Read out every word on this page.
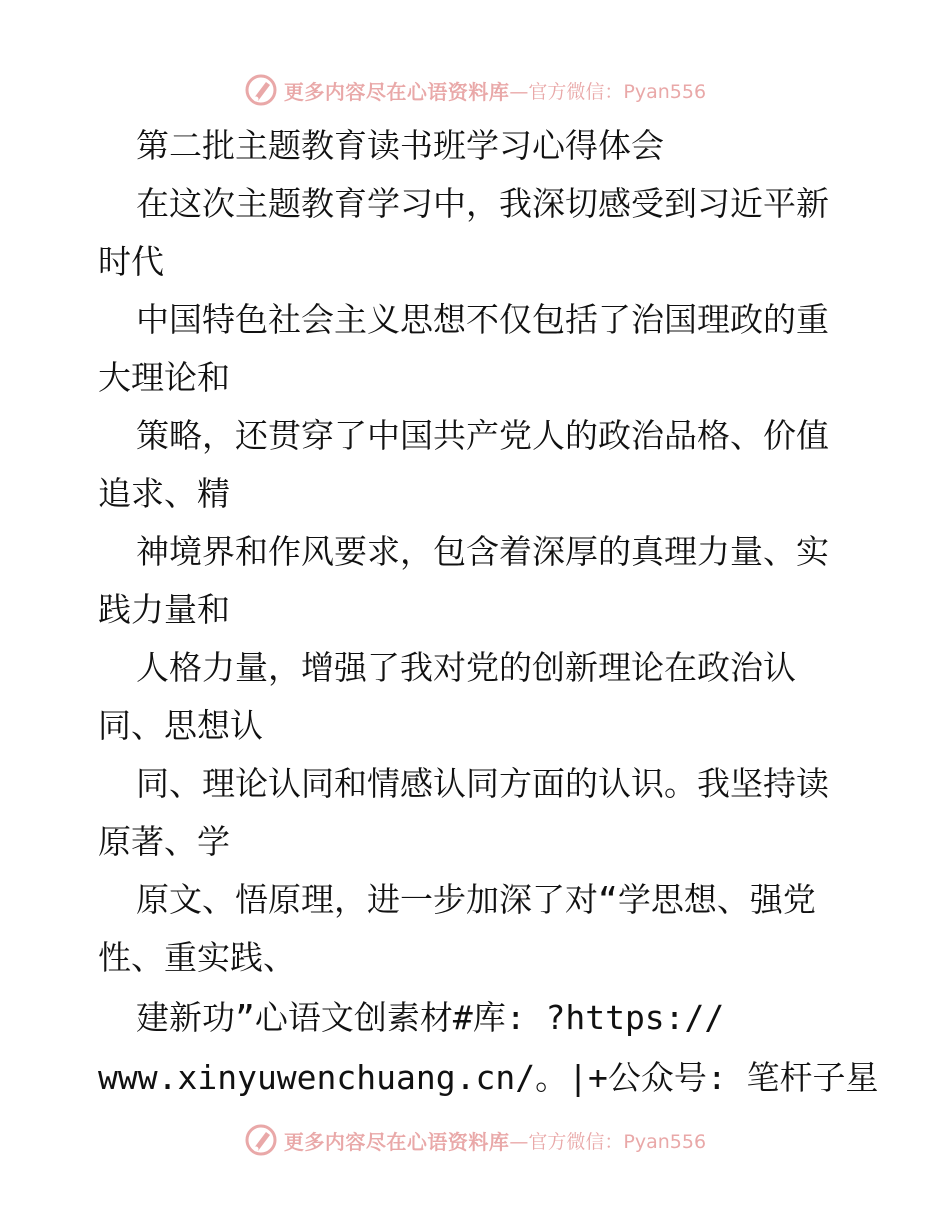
更多内容尽在心语资料库 —官方微信：Pyan556
第二批主题教育读书班学习心得体会
在这次主题教育学习中，我深切感受到习近平新
时代
中国特色社会主义思想不仅包括了治国理政的重
大理论和
策略，还贯穿了中国共产党人的政治品格、价值
追求、精
神境界和作风要求，包含着深厚的真理力量、实
践力量和
人格力量，增强了我对党的创新理论在政治认
同、思想认
同、理论认同和情感认同方面的认识。我坚持读
原著、学
原文、悟原理，进一步加深了对“学思想、强党
性、重实践、
建新功”心语文创素材#库: ?https://
www.xinyuwenchuang.cn/。|+公众号: 笔杆子星
更多内容尽在心语资料库 —官方微信：Pyan556
